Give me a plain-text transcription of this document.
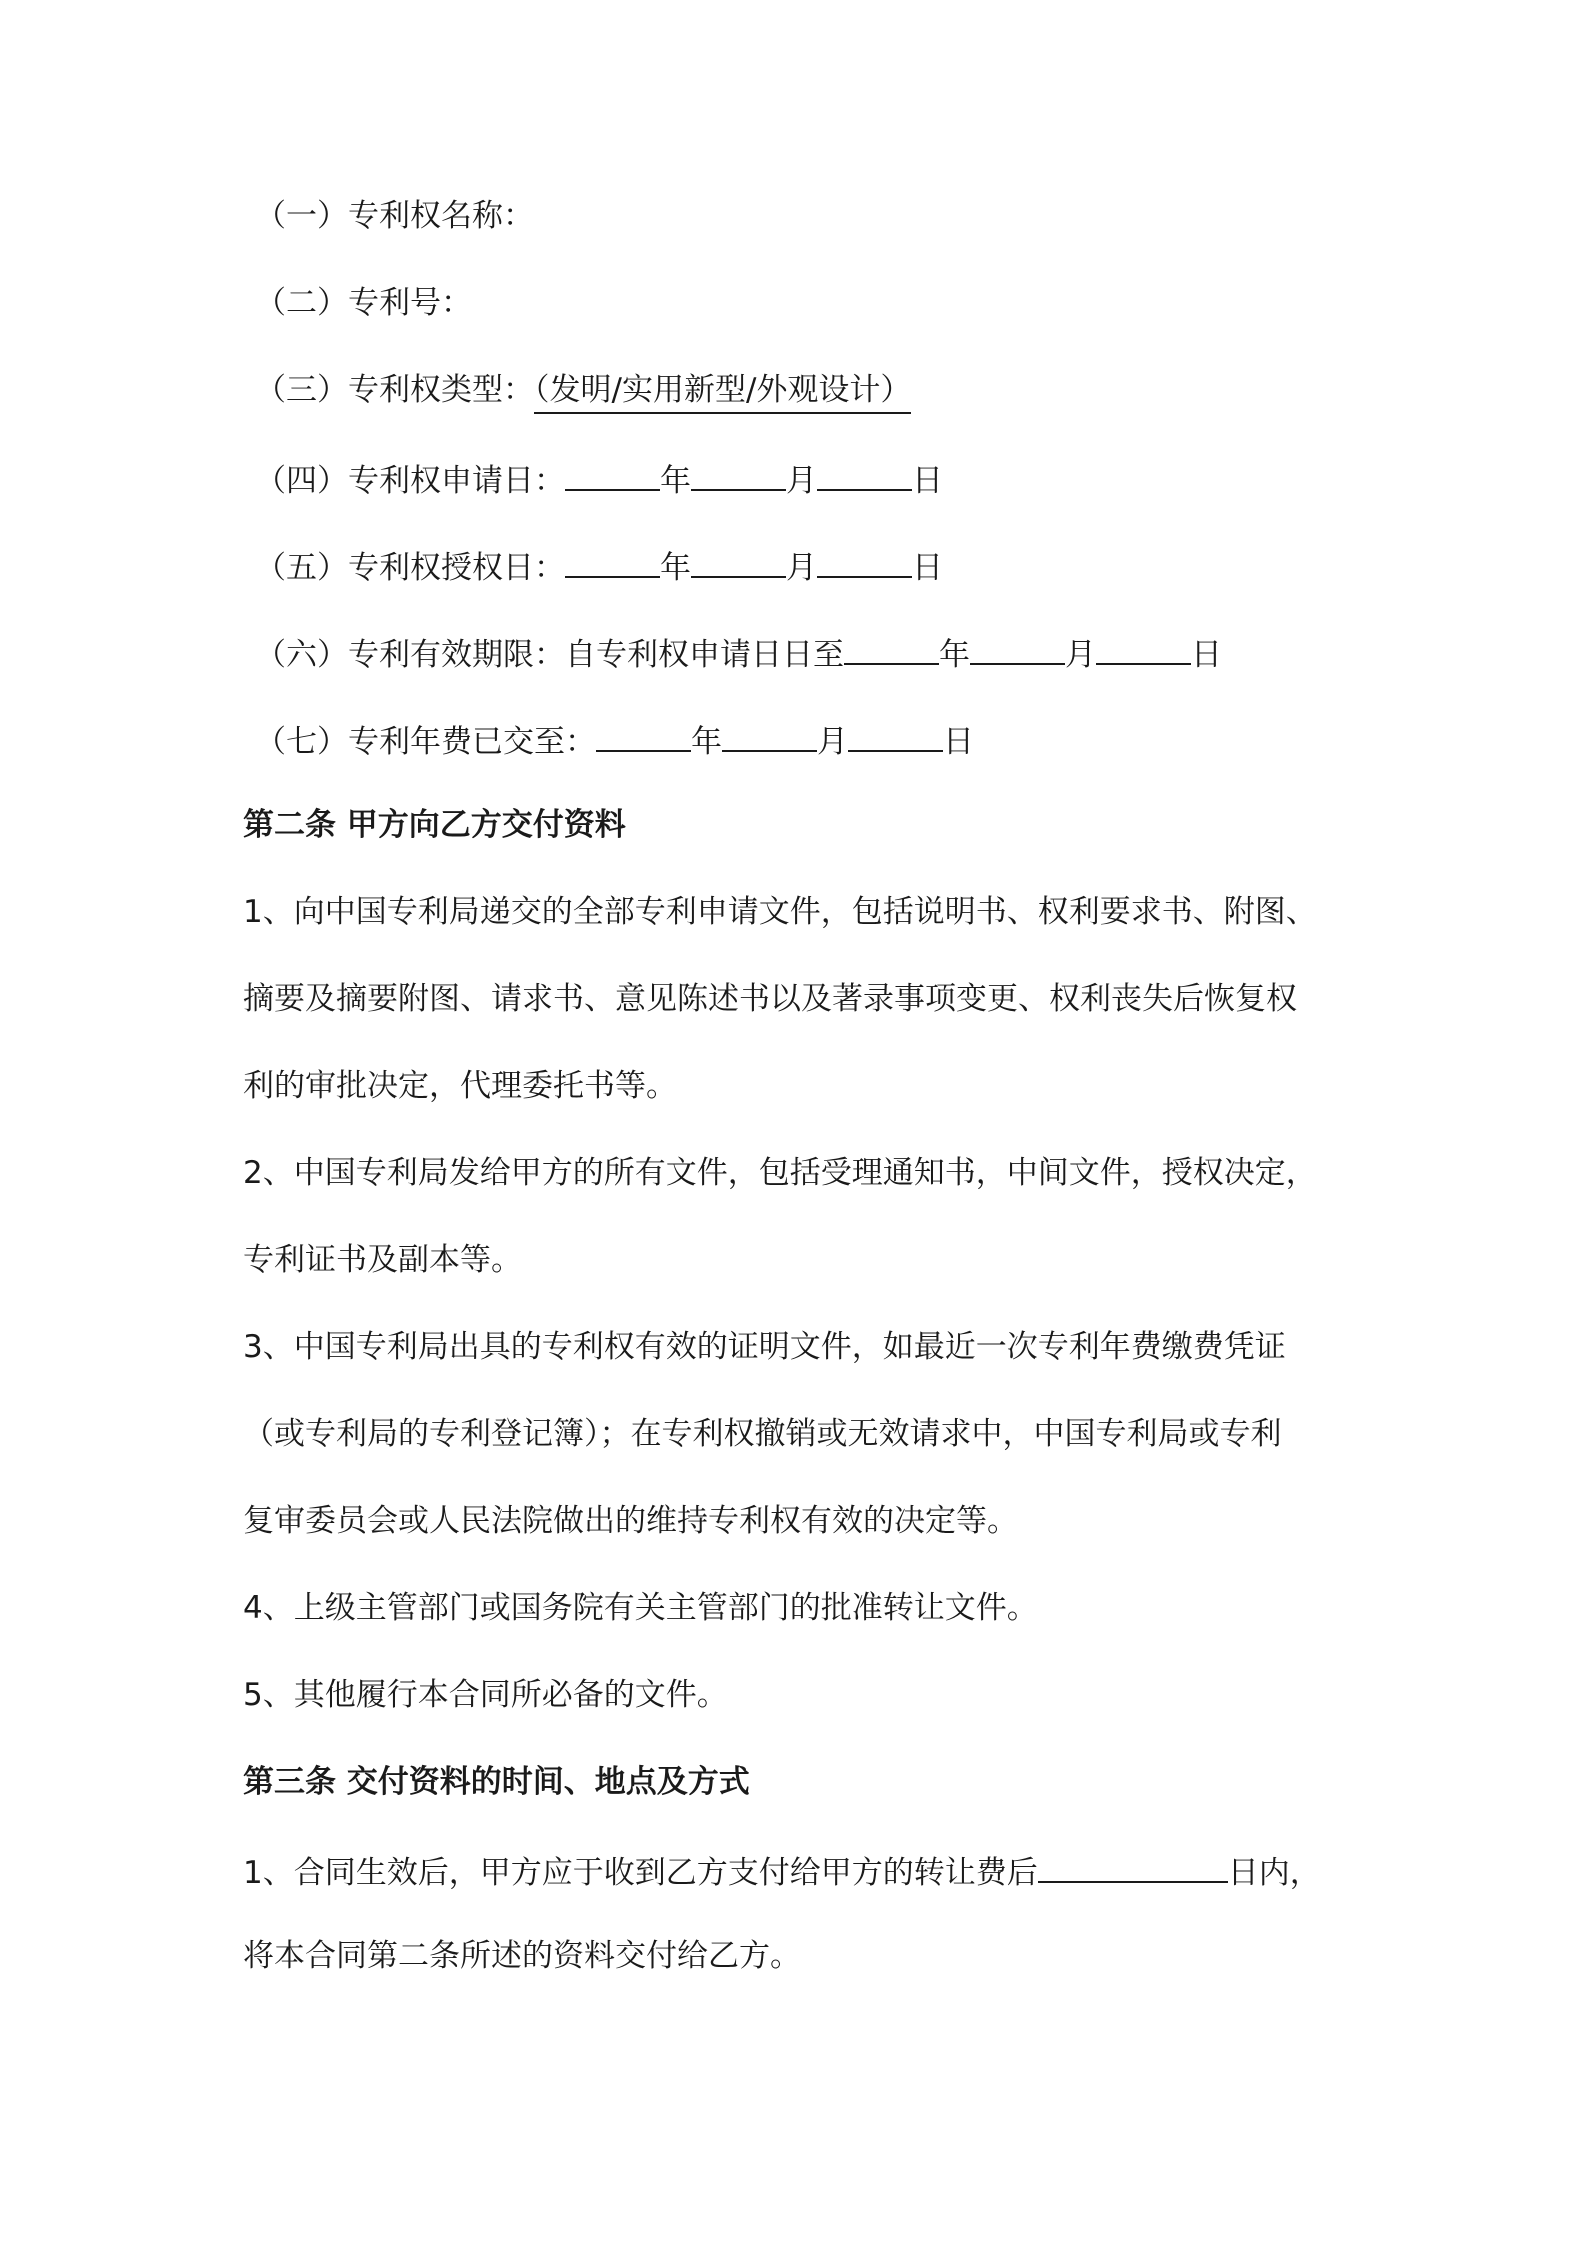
（一）专利权名称：
（二）专利号：
（三）专利权类型：（发明/实用新型/外观设计）
（四）专利权申请日：	年	月	日
（五）专利权授权日：	年	月	日
（六）专利有效期限：自专利权申请日日至	年	月	日
（七）专利年费已交至：	年	月	日
第二条 甲方向乙方交付资料
1、向中国专利局递交的全部专利申请文件，包括说明书、权利要求书、附图、
摘要及摘要附图、请求书、意见陈述书以及著录事项变更、权利丧失后恢复权
利的审批决定，代理委托书等。
2、中国专利局发给甲方的所有文件，包括受理通知书，中间文件，授权决定，
专利证书及副本等。
3、中国专利局出具的专利权有效的证明文件，如最近一次专利年费缴费凭证
（或专利局的专利登记簿）；在专利权撤销或无效请求中，中国专利局或专利
复审委员会或人民法院做出的维持专利权有效的决定等。
4、上级主管部门或国务院有关主管部门的批准转让文件。
5、其他履行本合同所必备的文件。
第三条 交付资料的时间、地点及方式
1、合同生效后，甲方应于收到乙方支付给甲方的转让费后	日内，
将本合同第二条所述的资料交付给乙方。
